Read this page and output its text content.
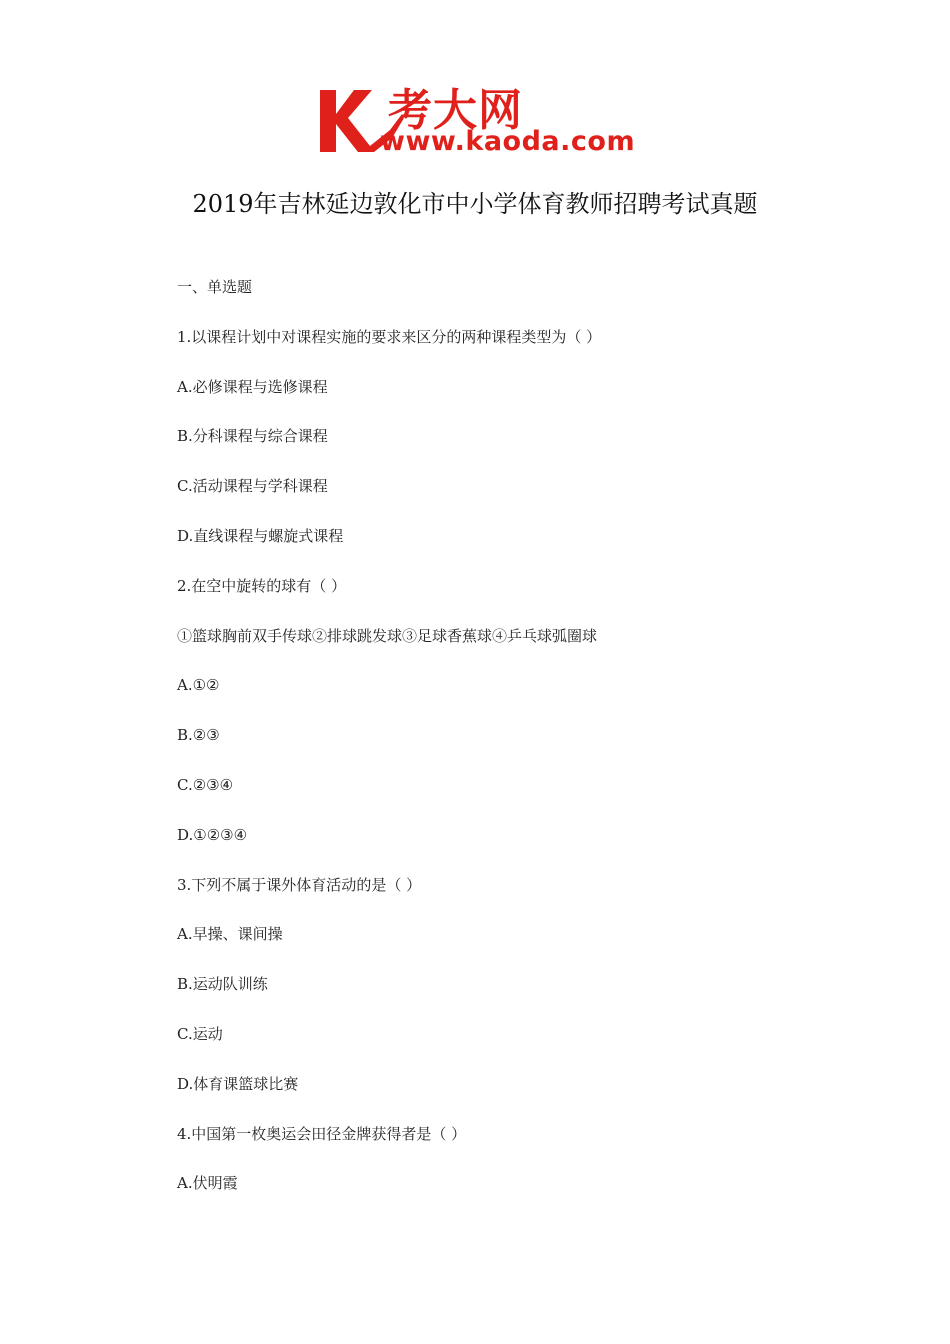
考大网
www.kaoda.com
2019年吉林延边敦化市中小学体育教师招聘考试真题
一、单选题
1.以课程计划中对课程实施的要求来区分的两种课程类型为（ ）
A.必修课程与选修课程
B.分科课程与综合课程
C.活动课程与学科课程
D.直线课程与螺旋式课程
2.在空中旋转的球有（ ）
①篮球胸前双手传球②排球跳发球③足球香蕉球④乒乓球弧圈球
A.①②
B.②③
C.②③④
D.①②③④
3.下列不属于课外体育活动的是（ ）
A.早操、课间操
B.运动队训练
C.运动
D.体育课篮球比赛
4.中国第一枚奥运会田径金牌获得者是（ ）
A.伏明霞
